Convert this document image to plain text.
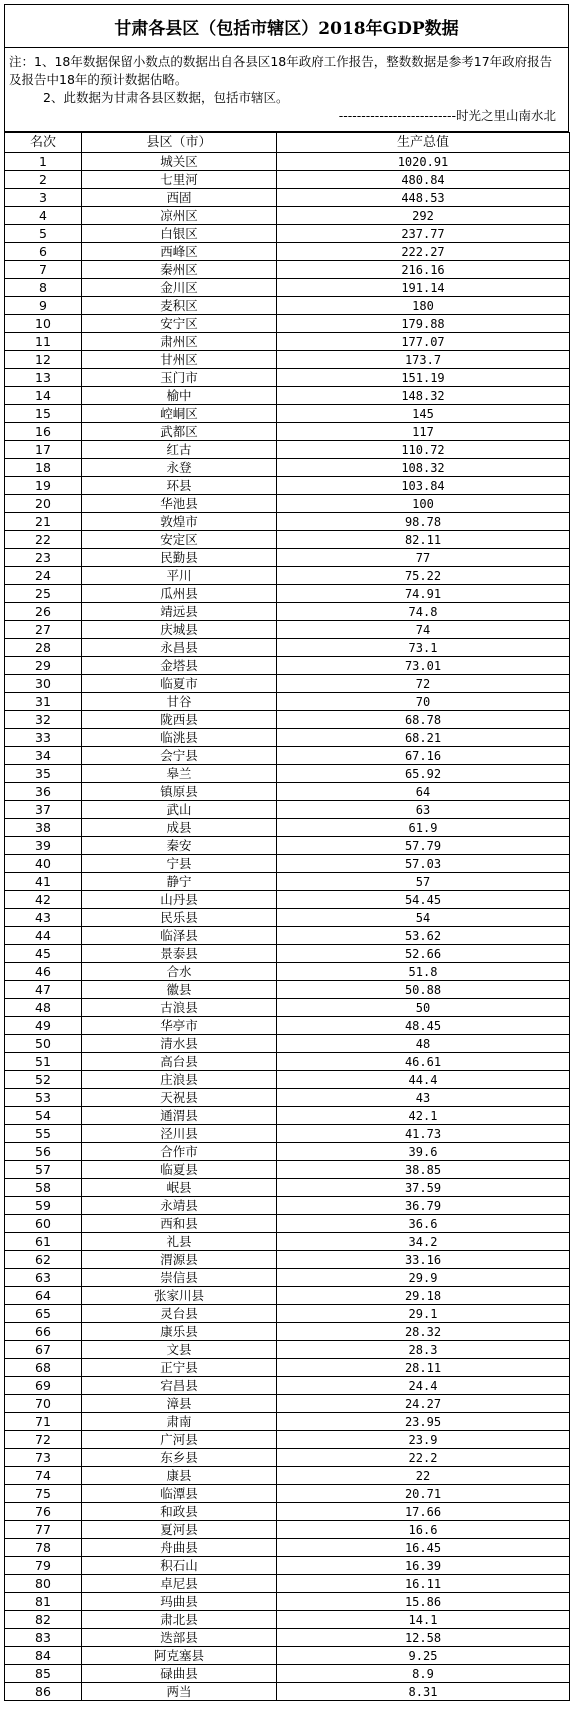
甘肃各县区（包括市辖区）2018年GDP数据
注：1、18年数据保留小数点的数据出自各县区18年政府工作报告，整数数据是参考17年政府报告及报告中18年的预计数据估略。
2、此数据为甘肃各县区数据，包括市辖区。
--------------------------时光之里山南水北
名次	县区（市）	生产总值
1	城关区	1020.91
2	七里河	480.84
3	西固	448.53
4	凉州区	292
5	白银区	237.77
6	西峰区	222.27
7	秦州区	216.16
8	金川区	191.14
9	麦积区	180
10	安宁区	179.88
11	肃州区	177.07
12	甘州区	173.7
13	玉门市	151.19
14	榆中	148.32
15	崆峒区	145
16	武都区	117
17	红古	110.72
18	永登	108.32
19	环县	103.84
20	华池县	100
21	敦煌市	98.78
22	安定区	82.11
23	民勤县	77
24	平川	75.22
25	瓜州县	74.91
26	靖远县	74.8
27	庆城县	74
28	永昌县	73.1
29	金塔县	73.01
30	临夏市	72
31	甘谷	70
32	陇西县	68.78
33	临洮县	68.21
34	会宁县	67.16
35	皋兰	65.92
36	镇原县	64
37	武山	63
38	成县	61.9
39	秦安	57.79
40	宁县	57.03
41	静宁	57
42	山丹县	54.45
43	民乐县	54
44	临泽县	53.62
45	景泰县	52.66
46	合水	51.8
47	徽县	50.88
48	古浪县	50
49	华亭市	48.45
50	清水县	48
51	高台县	46.61
52	庄浪县	44.4
53	天祝县	43
54	通渭县	42.1
55	泾川县	41.73
56	合作市	39.6
57	临夏县	38.85
58	岷县	37.59
59	永靖县	36.79
60	西和县	36.6
61	礼县	34.2
62	渭源县	33.16
63	崇信县	29.9
64	张家川县	29.18
65	灵台县	29.1
66	康乐县	28.32
67	文县	28.3
68	正宁县	28.11
69	宕昌县	24.4
70	漳县	24.27
71	肃南	23.95
72	广河县	23.9
73	东乡县	22.2
74	康县	22
75	临潭县	20.71
76	和政县	17.66
77	夏河县	16.6
78	舟曲县	16.45
79	积石山	16.39
80	卓尼县	16.11
81	玛曲县	15.86
82	肃北县	14.1
83	迭部县	12.58
84	阿克塞县	9.25
85	碌曲县	8.9
86	两当	8.31
